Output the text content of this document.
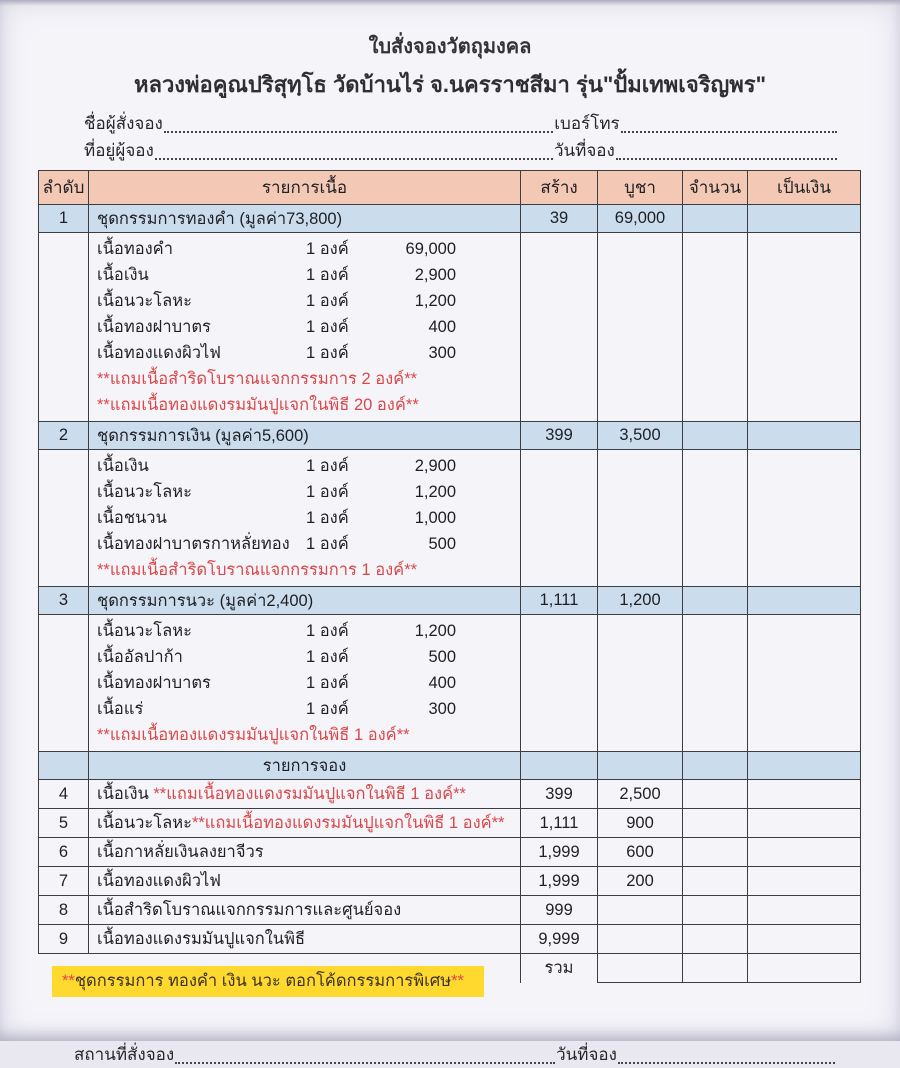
ใบสั่งจองวัตถุมงคล
หลวงพ่อคูณปริสุทฺโธ วัดบ้านไร่ จ.นครราชสีมา รุ่น"ปั้มเทพเจริญพร"
ชื่อผู้สั่งจอง	เบอร์โทร
ที่อยู่ผู้จอง	วันที่จอง
ลำดับ	รายการเนื้อ	สร้าง	บูชา	จำนวน	เป็นเงิน
1	ชุดกรรมการทองคำ (มูลค่า73,800)	39	69,000		

เนื้อทองคำ	1 องค์	69,000
เนื้อเงิน	1 องค์	2,900
เนื้อนวะโลหะ	1 องค์	1,200
เนื้อทองฝาบาตร	1 องค์	400
เนื้อทองแดงผิวไฟ	1 องค์	300
**แถมเนื้อสำริดโบราณแจกกรรมการ 2 องค์**
**แถมเนื้อทองแดงรมมันปูแจกในพิธี 20 องค์**

2	ชุดกรรมการเงิน (มูลค่า5,600)	399	3,500		

เนื้อเงิน	1 องค์	2,900
เนื้อนวะโลหะ	1 องค์	1,200
เนื้อชนวน	1 องค์	1,000
เนื้อทองฝาบาตรกาหลั่ยทอง 1 องค์	500
**แถมเนื้อสำริดโบราณแจกกรรมการ 1 องค์**

3	ชุดกรรมการนวะ (มูลค่า2,400)	1,111	1,200		

เนื้อนวะโลหะ	1 องค์	1,200
เนื้ออัลปาก้า	1 องค์	500
เนื้อทองฝาบาตร	1 องค์	400
เนื้อแร่	1 องค์	300
**แถมเนื้อทองแดงรมมันปูแจกในพิธี 1 องค์**

	รายการจอง				
4	เนื้อเงิน **แถมเนื้อทองแดงรมมันปูแจกในพิธี 1 องค์**	399	2,500		
5	เนื้อนวะโลหะ**แถมเนื้อทองแดงรมมันปูแจกในพิธี 1 องค์**	1,111	900		
6	เนื้อกาหลั่ยเงินลงยาจีวร	1,999	600		
7	เนื้อทองแดงผิวไฟ	1,999	200		
8	เนื้อสำริดโบราณแจกกรรมการและศูนย์จอง	999			
9	เนื้อทองแดงรมมันปูแจกในพิธี	9,999			
		รวม			
**ชุดกรรมการ ทองคำ เงิน นวะ ตอกโค้ดกรรมการพิเศษ**
สถานที่สั่งจอง	วันที่จอง
